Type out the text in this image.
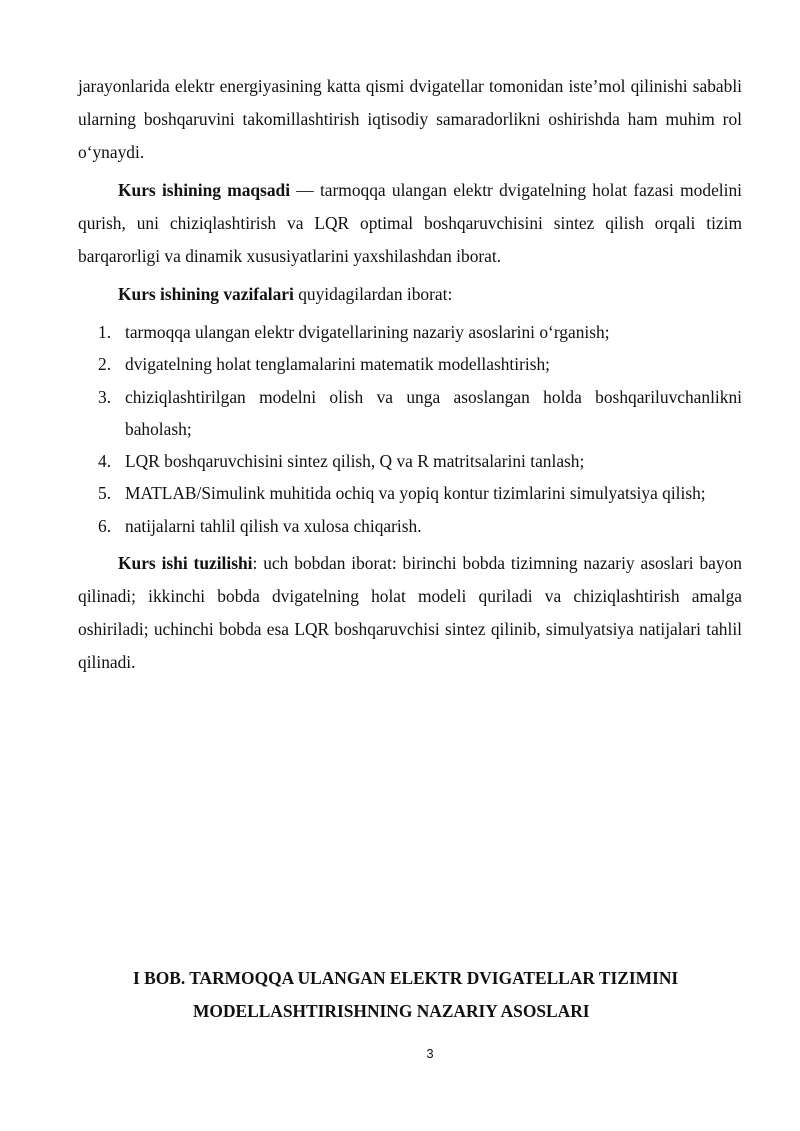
jarayonlarida elektr energiyasining katta qismi dvigatellar tomonidan iste’mol qilinishi sababli ularning boshqaruvini takomillashtirish iqtisodiy samaradorlikni oshirishda ham muhim rol o‘ynaydi.

Kurs ishining maqsadi — tarmoqqa ulangan elektr dvigatelning holat fazasi modelini qurish, uni chiziqlashtirish va LQR optimal boshqaruvchisini sintez qilish orqali tizim barqarorligi va dinamik xususiyatlarini yaxshilashdan iborat.

Kurs ishining vazifalari quyidagilardan iborat:

1. tarmoqqa ulangan elektr dvigatellarining nazariy asoslarini o‘rganish;
2. dvigatelning holat tenglamalarini matematik modellashtirish;
3. chiziqlashtirilgan modelni olish va unga asoslangan holda boshqariluvchanlikni baholash;
4. LQR boshqaruvchisini sintez qilish, Q va R matritsalarini tanlash;
5. MATLAB/Simulink muhitida ochiq va yopiq kontur tizimlarini simulyatsiya qilish;
6. natijalarni tahlil qilish va xulosa chiqarish.

Kurs ishi tuzilishi: uch bobdan iborat: birinchi bobda tizimning nazariy asoslari bayon qilinadi; ikkinchi bobda dvigatelning holat modeli quriladi va chiziqlashtirish amalga oshiriladi; uchinchi bobda esa LQR boshqaruvchisi sintez qilinib, simulyatsiya natijalari tahlil qilinadi.

I BOB. TARMOQQA ULANGAN ELEKTR DVIGATELLAR TIZIMINI
MODELLASHTIRISHNING NAZARIY ASOSLARI
3
